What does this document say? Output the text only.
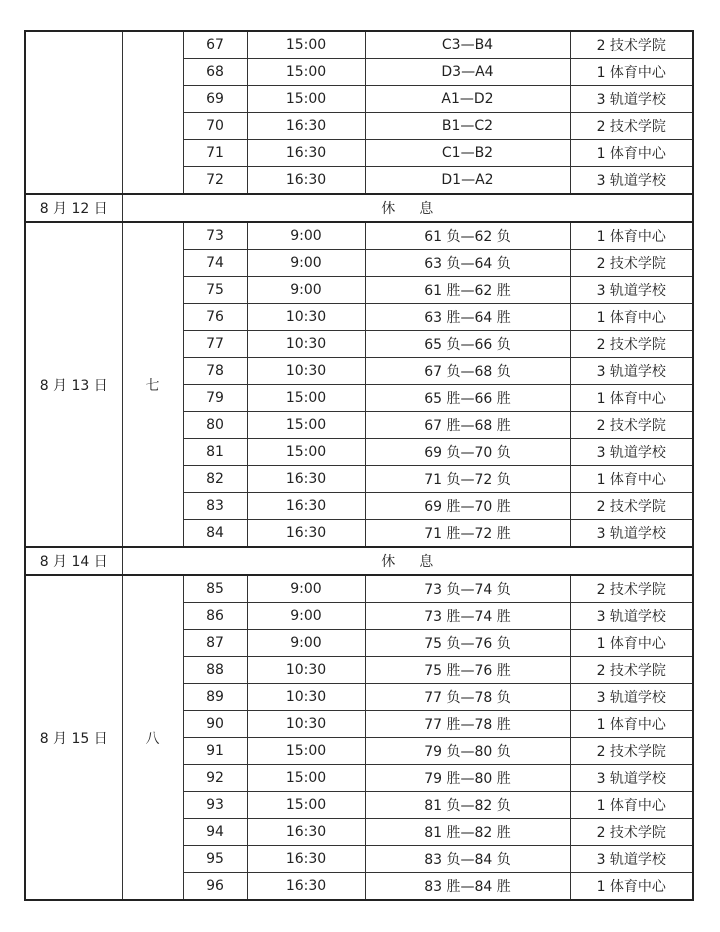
		67	15:00	C3—B4	2 技术学院
		68	15:00	D3—A4	1 体育中心
		69	15:00	A1—D2	3 轨道学校
		70	16:30	B1—C2	2 技术学院
		71	16:30	C1—B2	1 体育中心
		72	16:30	D1—A2	3 轨道学校
8 月 12 日	休 息				
8 月 13 日	七	73	9:00	61 负—62 负	1 体育中心
		74	9:00	63 负—64 负	2 技术学院
		75	9:00	61 胜—62 胜	3 轨道学校
		76	10:30	63 胜—64 胜	1 体育中心
		77	10:30	65 负—66 负	2 技术学院
		78	10:30	67 负—68 负	3 轨道学校
		79	15:00	65 胜—66 胜	1 体育中心
		80	15:00	67 胜—68 胜	2 技术学院
		81	15:00	69 负—70 负	3 轨道学校
		82	16:30	71 负—72 负	1 体育中心
		83	16:30	69 胜—70 胜	2 技术学院
		84	16:30	71 胜—72 胜	3 轨道学校
8 月 14 日	休 息				
8 月 15 日	八	85	9:00	73 负—74 负	2 技术学院
		86	9:00	73 胜—74 胜	3 轨道学校
		87	9:00	75 负—76 负	1 体育中心
		88	10:30	75 胜—76 胜	2 技术学院
		89	10:30	77 负—78 负	3 轨道学校
		90	10:30	77 胜—78 胜	1 体育中心
		91	15:00	79 负—80 负	2 技术学院
		92	15:00	79 胜—80 胜	3 轨道学校
		93	15:00	81 负—82 负	1 体育中心
		94	16:30	81 胜—82 胜	2 技术学院
		95	16:30	83 负—84 负	3 轨道学校
		96	16:30	83 胜—84 胜	1 体育中心
